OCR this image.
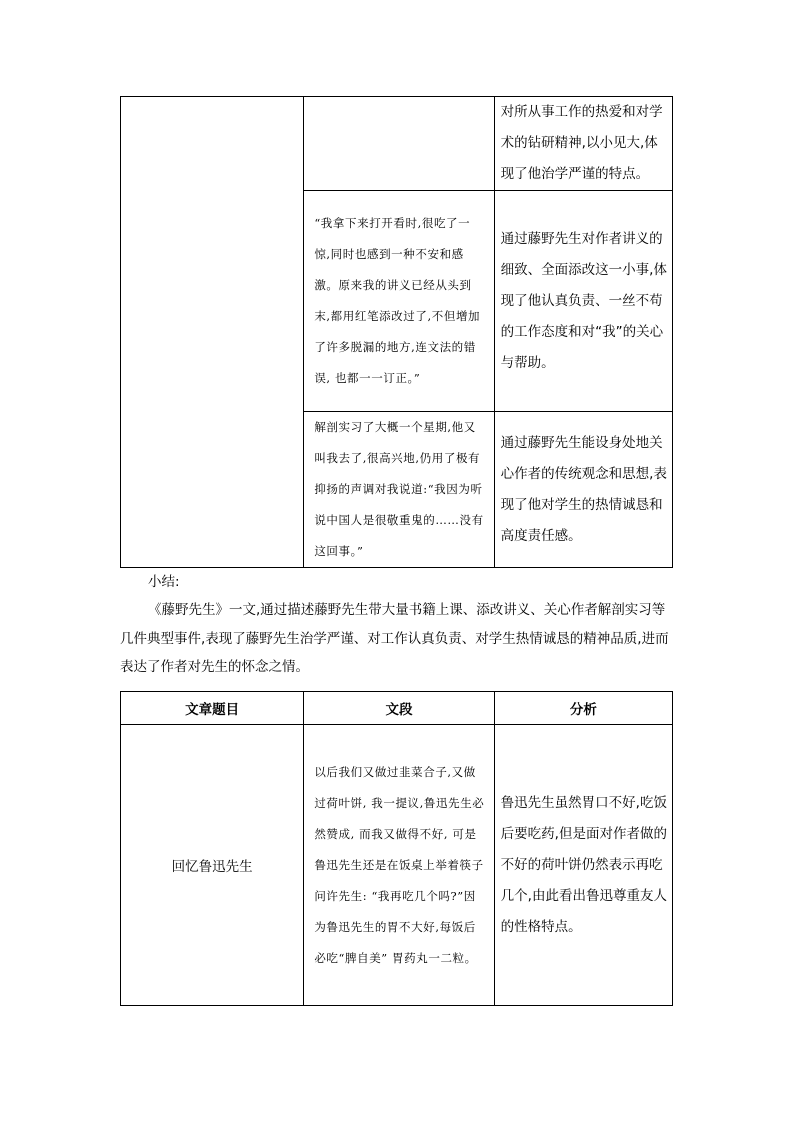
		对所从事工作的热爱和对学术的钻研精神,以小见大,体现了他治学严谨的特点。
	“我拿下来打开看时,很吃了一惊,同时也感到一种不安和感激。原来我的讲义已经从头到末,都用红笔添改过了,不但增加了许多脱漏的地方,连文法的错误, 也都一一订正。”	通过藤野先生对作者讲义的细致、全面添改这一小事,体现了他认真负责、一丝不苟的工作态度和对“我”的关心与帮助。
	解剖实习了大概一个星期,他又叫我去了,很高兴地,仍用了极有抑扬的声调对我说道:“我因为听说中国人是很敬重鬼的……没有这回事。”	通过藤野先生能设身处地关心作者的传统观念和思想,表现了他对学生的热情诚恳和高度责任感。
小结:
《藤野先生》一文,通过描述藤野先生带大量书籍上课、添改讲义、关心作者解剖实习等几件典型事件,表现了藤野先生治学严谨、对工作认真负责、对学生热情诚恳的精神品质,进而表达了作者对先生的怀念之情。
文章题目	文段	分析
回忆鲁迅先生	以后我们又做过韭菜合子,又做过荷叶饼, 我一提议,鲁迅先生必然赞成, 而我又做得不好, 可是鲁迅先生还是在饭桌上举着筷子问许先生: “我再吃几个吗?”因为鲁迅先生的胃不大好,每饭后必吃“脾自美” 胃药丸一二粒。	鲁迅先生虽然胃口不好,吃饭后要吃药,但是面对作者做的不好的荷叶饼仍然表示再吃几个,由此看出鲁迅尊重友人的性格特点。
